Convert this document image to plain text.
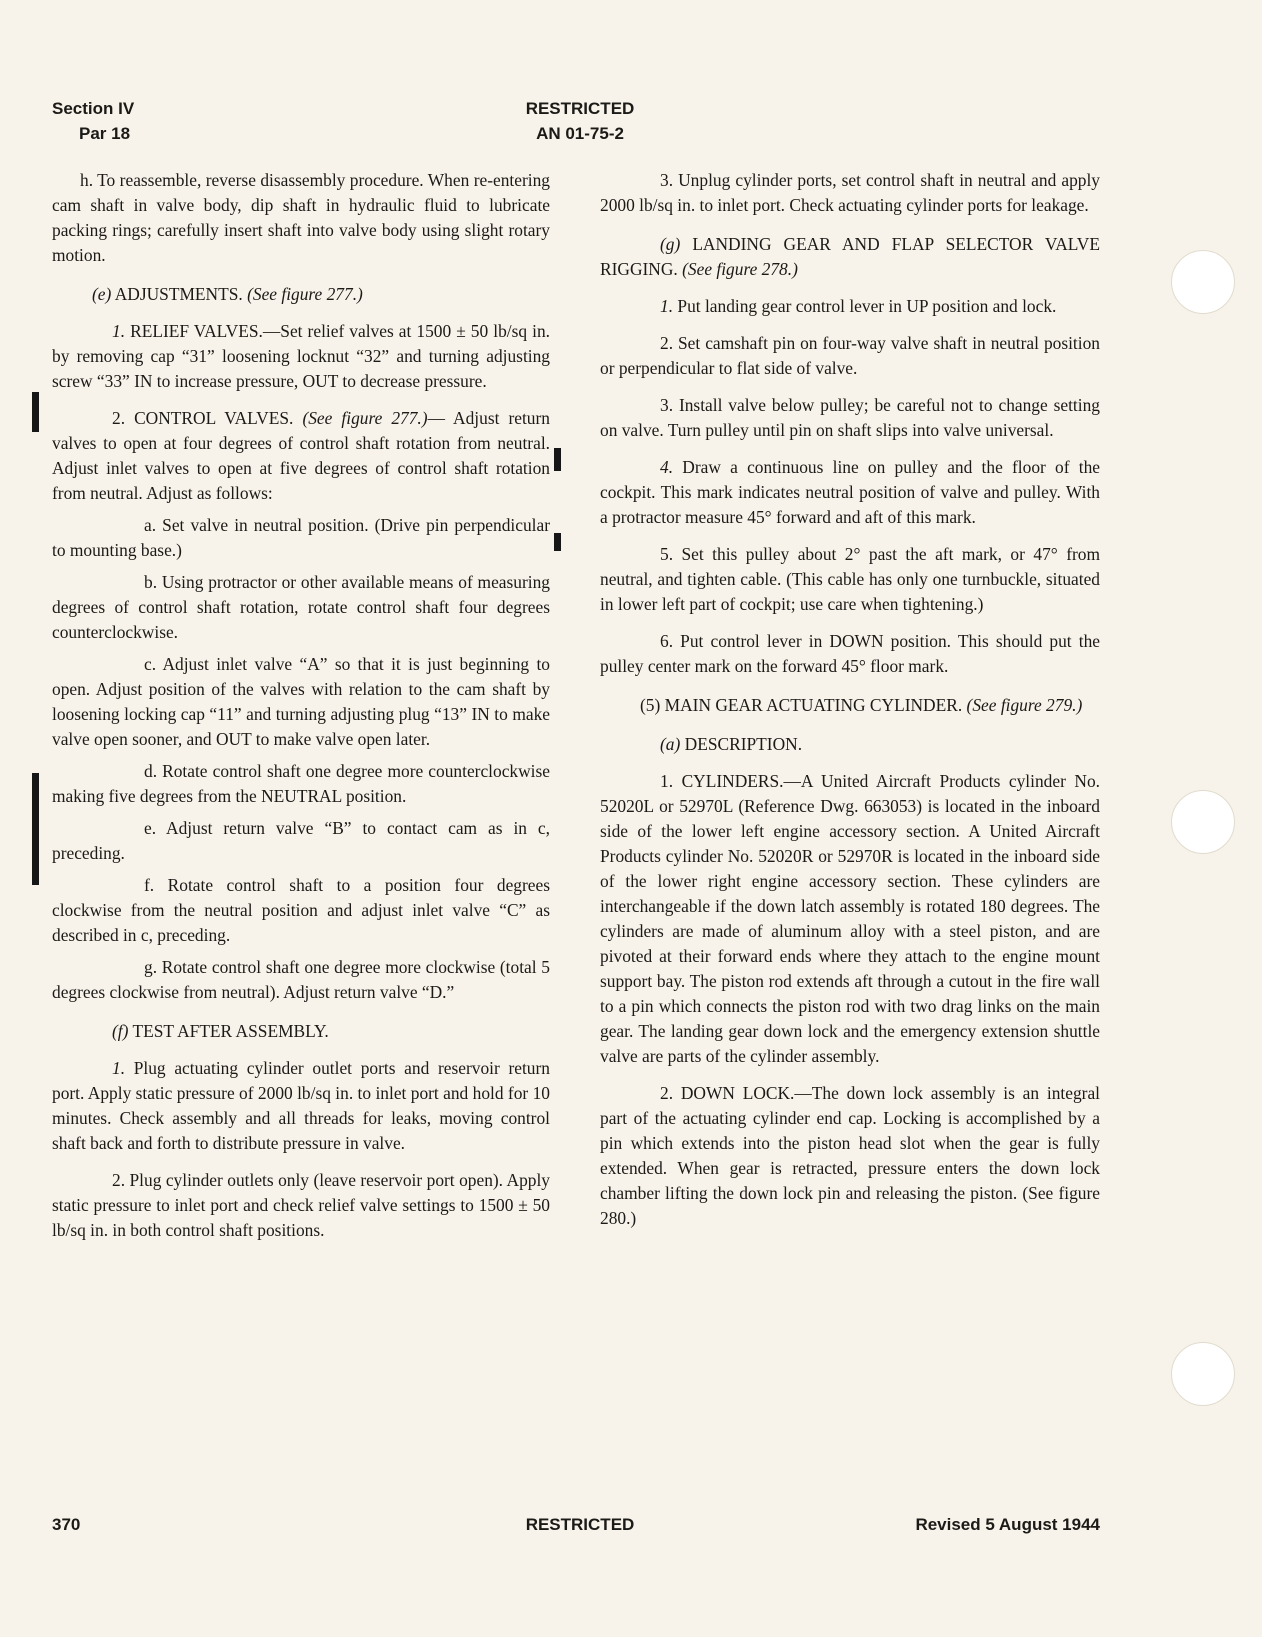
Section IV
Par 18
RESTRICTED
AN 01-75-2

h. To reassemble, reverse disassembly procedure. When re-entering cam shaft in valve body, dip shaft in hydraulic fluid to lubricate packing rings; carefully insert shaft into valve body using slight rotary motion.

(e) ADJUSTMENTS. (See figure 277.)

1. RELIEF VALVES.—Set relief valves at 1500 ± 50 lb/sq in. by removing cap “31” loosening locknut “32” and turning adjusting screw “33” IN to increase pressure, OUT to decrease pressure.

2. CONTROL VALVES. (See figure 277.)— Adjust return valves to open at four degrees of control shaft rotation from neutral. Adjust inlet valves to open at five degrees of control shaft rotation from neutral. Adjust as follows:

a. Set valve in neutral position. (Drive pin perpendicular to mounting base.)

b. Using protractor or other available means of measuring degrees of control shaft rotation, rotate control shaft four degrees counterclockwise.

c. Adjust inlet valve “A” so that it is just beginning to open. Adjust position of the valves with relation to the cam shaft by loosening locking cap “11” and turning adjusting plug “13” IN to make valve open sooner, and OUT to make valve open later.

d. Rotate control shaft one degree more counterclockwise making five degrees from the NEUTRAL position.

e. Adjust return valve “B” to contact cam as in c, preceding.

f. Rotate control shaft to a position four degrees clockwise from the neutral position and adjust inlet valve “C” as described in c, preceding.

g. Rotate control shaft one degree more clockwise (total 5 degrees clockwise from neutral). Adjust return valve “D.”

(f) TEST AFTER ASSEMBLY.

1. Plug actuating cylinder outlet ports and reservoir return port. Apply static pressure of 2000 lb/sq in. to inlet port and hold for 10 minutes. Check assembly and all threads for leaks, moving control shaft back and forth to distribute pressure in valve.

2. Plug cylinder outlets only (leave reservoir port open). Apply static pressure to inlet port and check relief valve settings to 1500 ± 50 lb/sq in. in both control shaft positions.

3. Unplug cylinder ports, set control shaft in neutral and apply 2000 lb/sq in. to inlet port. Check actuating cylinder ports for leakage.

(g) LANDING GEAR AND FLAP SELECTOR VALVE RIGGING. (See figure 278.)

1. Put landing gear control lever in UP position and lock.

2. Set camshaft pin on four-way valve shaft in neutral position or perpendicular to flat side of valve.

3. Install valve below pulley; be careful not to change setting on valve. Turn pulley until pin on shaft slips into valve universal.

4. Draw a continuous line on pulley and the floor of the cockpit. This mark indicates neutral position of valve and pulley. With a protractor measure 45° forward and aft of this mark.

5. Set this pulley about 2° past the aft mark, or 47° from neutral, and tighten cable. (This cable has only one turnbuckle, situated in lower left part of cockpit; use care when tightening.)

6. Put control lever in DOWN position. This should put the pulley center mark on the forward 45° floor mark.

(5) MAIN GEAR ACTUATING CYLINDER. (See figure 279.)

(a) DESCRIPTION.

1. CYLINDERS.—A United Aircraft Products cylinder No. 52020L or 52970L (Reference Dwg. 663053) is located in the inboard side of the lower left engine accessory section. A United Aircraft Products cylinder No. 52020R or 52970R is located in the inboard side of the lower right engine accessory section. These cylinders are interchangeable if the down latch assembly is rotated 180 degrees. The cylinders are made of aluminum alloy with a steel piston, and are pivoted at their forward ends where they attach to the engine mount support bay. The piston rod extends aft through a cutout in the fire wall to a pin which connects the piston rod with two drag links on the main gear. The landing gear down lock and the emergency extension shuttle valve are parts of the cylinder assembly.

2. DOWN LOCK.—The down lock assembly is an integral part of the actuating cylinder end cap. Locking is accomplished by a pin which extends into the piston head slot when the gear is fully extended. When gear is retracted, pressure enters the down lock chamber lifting the down lock pin and releasing the piston. (See figure 280.)

370	RESTRICTED	Revised 5 August 1944
